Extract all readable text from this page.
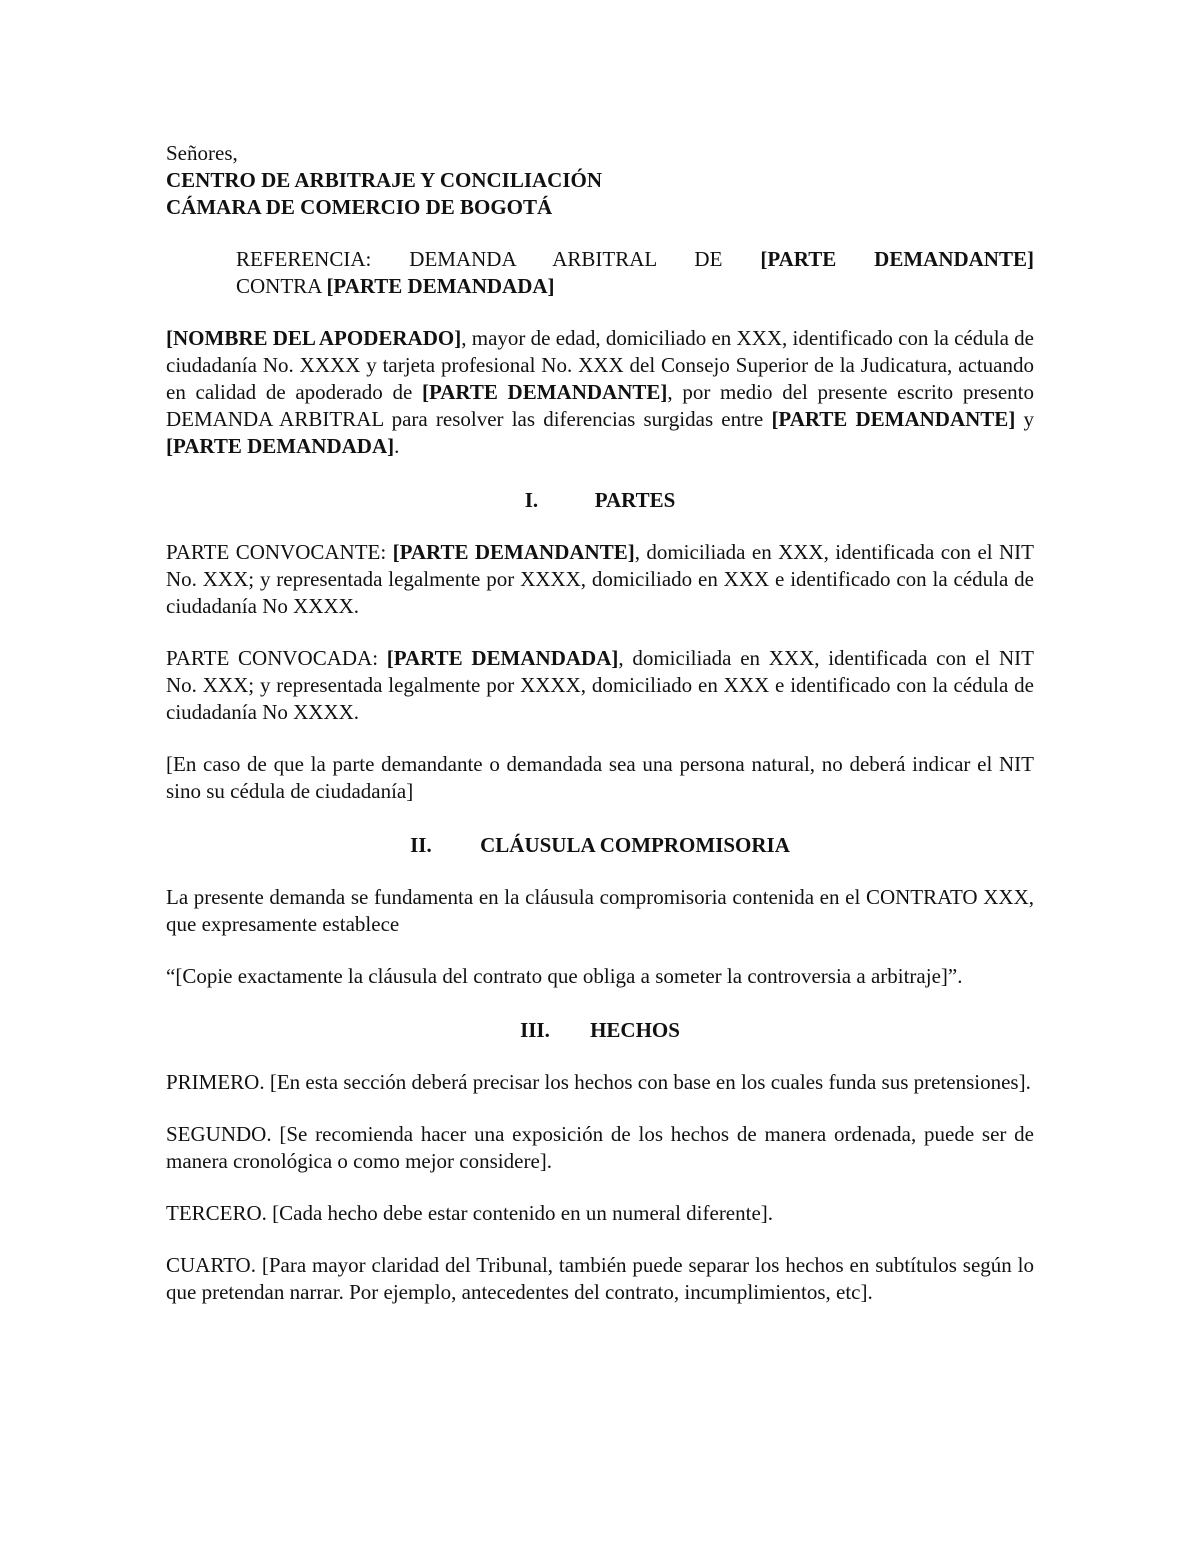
Señores,
CENTRO DE ARBITRAJE Y CONCILIACIÓN
CÁMARA DE COMERCIO DE BOGOTÁ
REFERENCIA: DEMANDA ARBITRAL DE [PARTE DEMANDANTE]
CONTRA [PARTE DEMANDADA]

[NOMBRE DEL APODERADO], mayor de edad, domiciliado en XXX, identificado con la cédula de ciudadanía No. XXXX y tarjeta profesional No. XXX del Consejo Superior de la Judicatura, actuando en calidad de apoderado de [PARTE DEMANDANTE], por medio del presente escrito presento DEMANDA ARBITRAL para resolver las diferencias surgidas entre [PARTE DEMANDANTE] y [PARTE DEMANDADA].

I.	PARTES

PARTE CONVOCANTE: [PARTE DEMANDANTE], domiciliada en XXX, identificada con el NIT No. XXX; y representada legalmente por XXXX, domiciliado en XXX e identificado con la cédula de ciudadanía No XXXX.

PARTE CONVOCADA: [PARTE DEMANDADA], domiciliada en XXX, identificada con el NIT No. XXX; y representada legalmente por XXXX, domiciliado en XXX e identificado con la cédula de ciudadanía No XXXX.

[En caso de que la parte demandante o demandada sea una persona natural, no deberá indicar el NIT sino su cédula de ciudadanía]

II. CLÁUSULA COMPROMISORIA

La presente demanda se fundamenta en la cláusula compromisoria contenida en el CONTRATO XXX, que expresamente establece

“[Copie exactamente la cláusula del contrato que obliga a someter la controversia a arbitraje]”.

III. HECHOS

PRIMERO. [En esta sección deberá precisar los hechos con base en los cuales funda sus pretensiones].

SEGUNDO. [Se recomienda hacer una exposición de los hechos de manera ordenada, puede ser de manera cronológica o como mejor considere].

TERCERO. [Cada hecho debe estar contenido en un numeral diferente].

CUARTO. [Para mayor claridad del Tribunal, también puede separar los hechos en subtítulos según lo que pretendan narrar. Por ejemplo, antecedentes del contrato, incumplimientos, etc].
